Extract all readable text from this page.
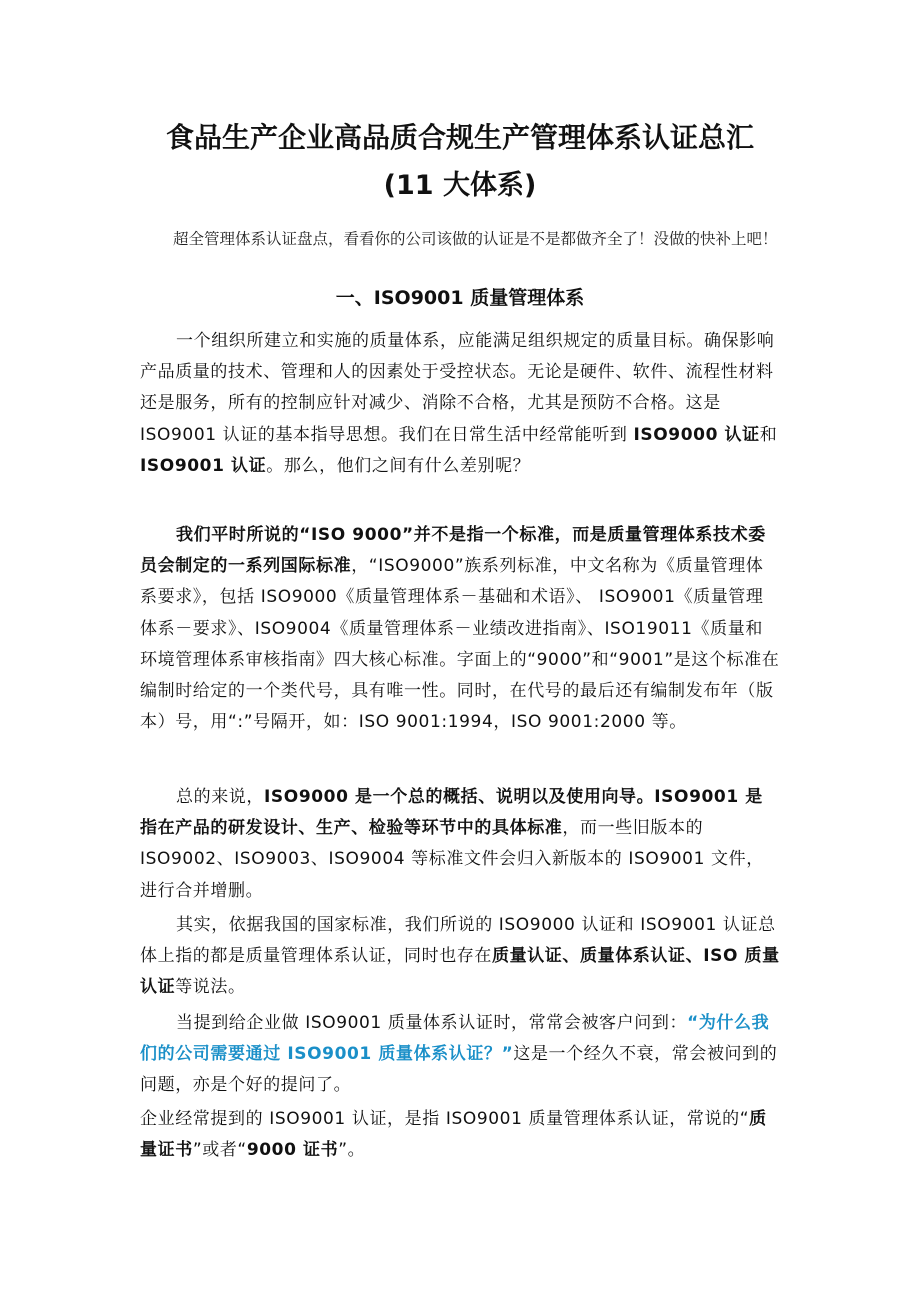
食品生产企业高品质合规生产管理体系认证总汇
(11 大体系)

超全管理体系认证盘点，看看你的公司该做的认证是不是都做齐全了！没做的快补上吧！

一、ISO9001 质量管理体系

一个组织所建立和实施的质量体系，应能满足组织规定的质量目标。确保影响产品质量的技术、管理和人的因素处于受控状态。无论是硬件、软件、流程性材料还是服务，所有的控制应针对减少、消除不合格，尤其是预防不合格。这是 ISO9001 认证的基本指导思想。我们在日常生活中经常能听到 ISO9000 认证和 ISO9001 认证。那么，他们之间有什么差别呢？

我们平时所说的“ISO 9000”并不是指一个标准，而是质量管理体系技术委员会制定的一系列国际标准，“ISO9000”族系列标准，中文名称为《质量管理体系要求》，包括 ISO9000《质量管理体系－基础和术语》、 ISO9001《质量管理体系－要求》、ISO9004《质量管理体系－业绩改进指南》、ISO19011《质量和环境管理体系审核指南》四大核心标准。字面上的“9000”和“9001”是这个标准在编制时给定的一个类代号，具有唯一性。同时，在代号的最后还有编制发布年（版本）号，用“:”号隔开，如：ISO 9001:1994，ISO 9001:2000 等。

总的来说，ISO9000 是一个总的概括、说明以及使用向导。ISO9001 是指在产品的研发设计、生产、检验等环节中的具体标准，而一些旧版本的 ISO9002、ISO9003、ISO9004 等标准文件会归入新版本的 ISO9001 文件，进行合并增删。

其实，依据我国的国家标准，我们所说的 ISO9000 认证和 ISO9001 认证总体上指的都是质量管理体系认证，同时也存在质量认证、质量体系认证、ISO 质量认证等说法。

当提到给企业做 ISO9001 质量体系认证时，常常会被客户问到：“为什么我们的公司需要通过 ISO9001 质量体系认证？”这是一个经久不衰，常会被问到的问题，亦是个好的提问了。

企业经常提到的 ISO9001 认证，是指 ISO9001 质量管理体系认证，常说的“质量证书”或者“9000 证书”。
